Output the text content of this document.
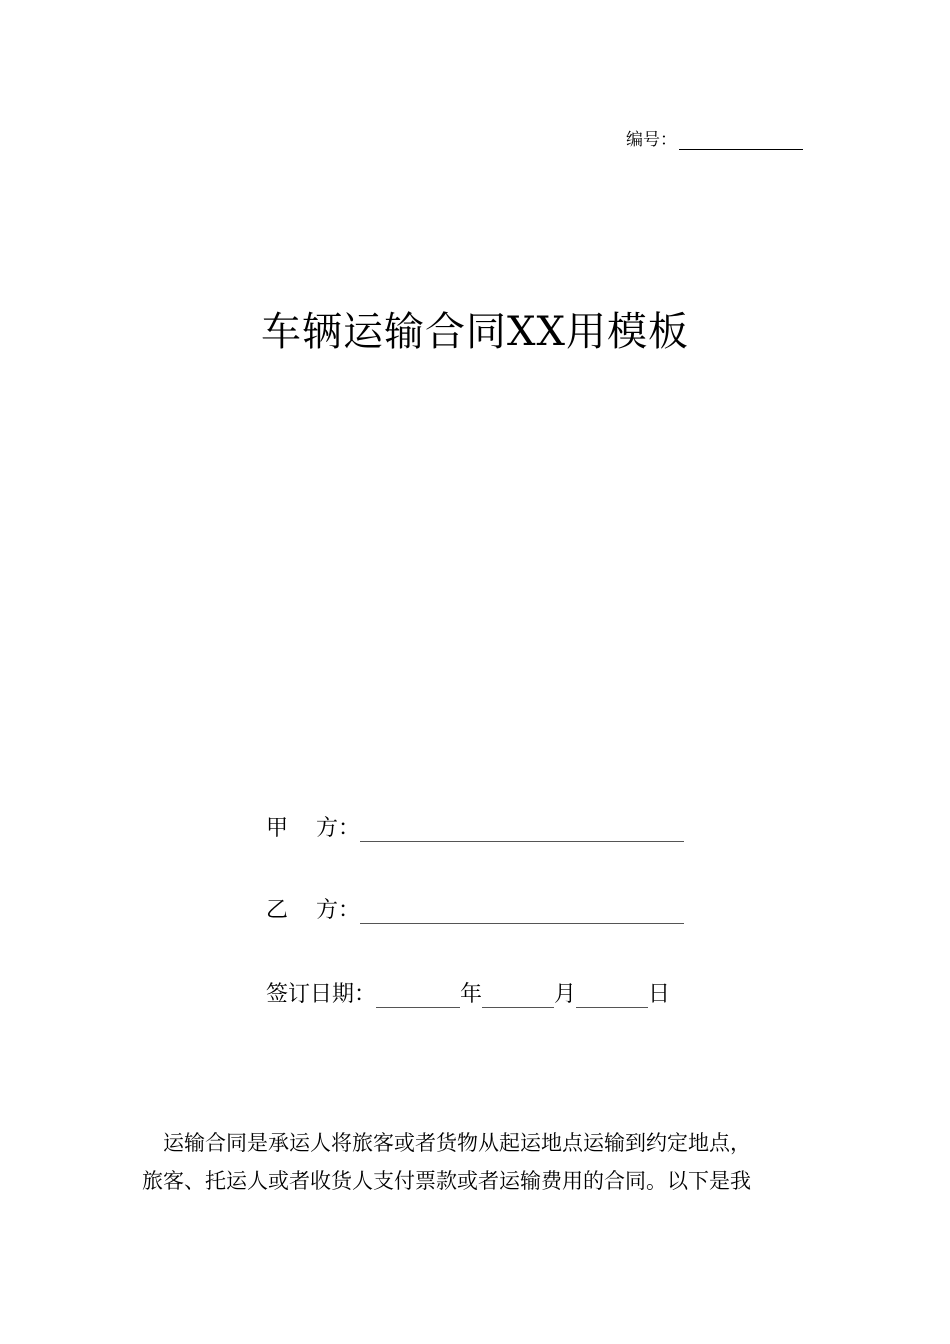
编号：
车辆运输合同XX用模板
甲    方：
乙    方：
签订日期：	年	月	日
运输合同是承运人将旅客或者货物从起运地点运输到约定地点，
旅客、托运人或者收货人支付票款或者运输费用的合同。以下是我
